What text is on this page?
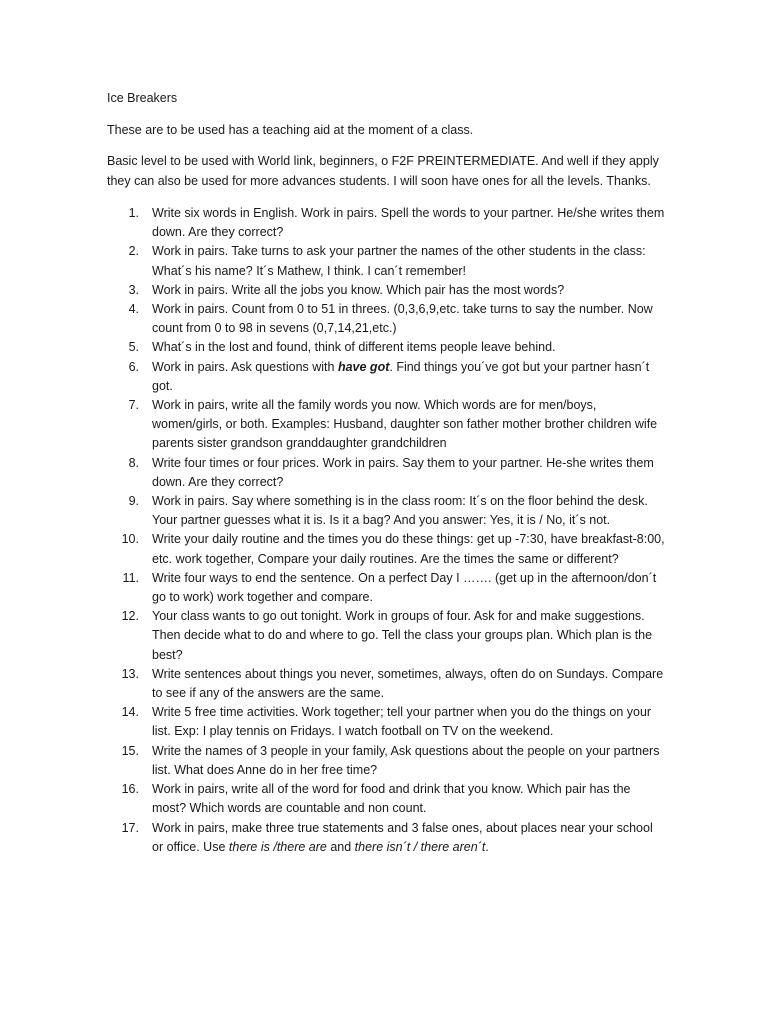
Ice Breakers

These are to be used has a teaching aid at the moment of a class.

Basic level to be used with World link, beginners, o F2F PREINTERMEDIATE. And well if they apply they can also be used for more advances students. I will soon have ones for all the levels. Thanks.

1. Write six words in English. Work in pairs. Spell the words to your partner. He/she writes them down. Are they correct?
2. Work in pairs. Take turns to ask your partner the names of the other students in the class: What´s his name? It´s Mathew, I think. I can´t remember!
3. Work in pairs. Write all the jobs you know. Which pair has the most words?
4. Work in pairs. Count from 0 to 51 in threes. (0,3,6,9,etc. take turns to say the number. Now count from 0 to 98 in sevens (0,7,14,21,etc.)
5. What´s in the lost and found, think of different items people leave behind.
6. Work in pairs. Ask questions with have got. Find things you´ve got but your partner hasn´t got.
7. Work in pairs, write all the family words you now. Which words are for men/boys, women/girls, or both. Examples: Husband, daughter son father mother brother children wife parents sister grandson granddaughter grandchildren
8. Write four times or four prices. Work in pairs. Say them to your partner. He-she writes them down. Are they correct?
9. Work in pairs. Say where something is in the class room: It´s on the floor behind the desk. Your partner guesses what it is. Is it a bag? And you answer: Yes, it is / No, it´s not.
10. Write your daily routine and the times you do these things: get up -7:30, have breakfast-8:00, etc. work together, Compare your daily routines. Are the times the same or different?
11. Write four ways to end the sentence. On a perfect Day I ……. (get up in the afternoon/don´t go to work) work together and compare.
12. Your class wants to go out tonight. Work in groups of four. Ask for and make suggestions. Then decide what to do and where to go. Tell the class your groups plan. Which plan is the best?
13. Write sentences about things you never, sometimes, always, often do on Sundays. Compare to see if any of the answers are the same.
14. Write 5 free time activities. Work together; tell your partner when you do the things on your list. Exp: I play tennis on Fridays. I watch football on TV on the weekend.
15. Write the names of 3 people in your family, Ask questions about the people on your partners list. What does Anne do in her free time?
16. Work in pairs, write all of the word for food and drink that you know. Which pair has the most? Which words are countable and non count.
17. Work in pairs, make three true statements and 3 false ones, about places near your school or office. Use there is /there are and there isn´t / there aren´t.
